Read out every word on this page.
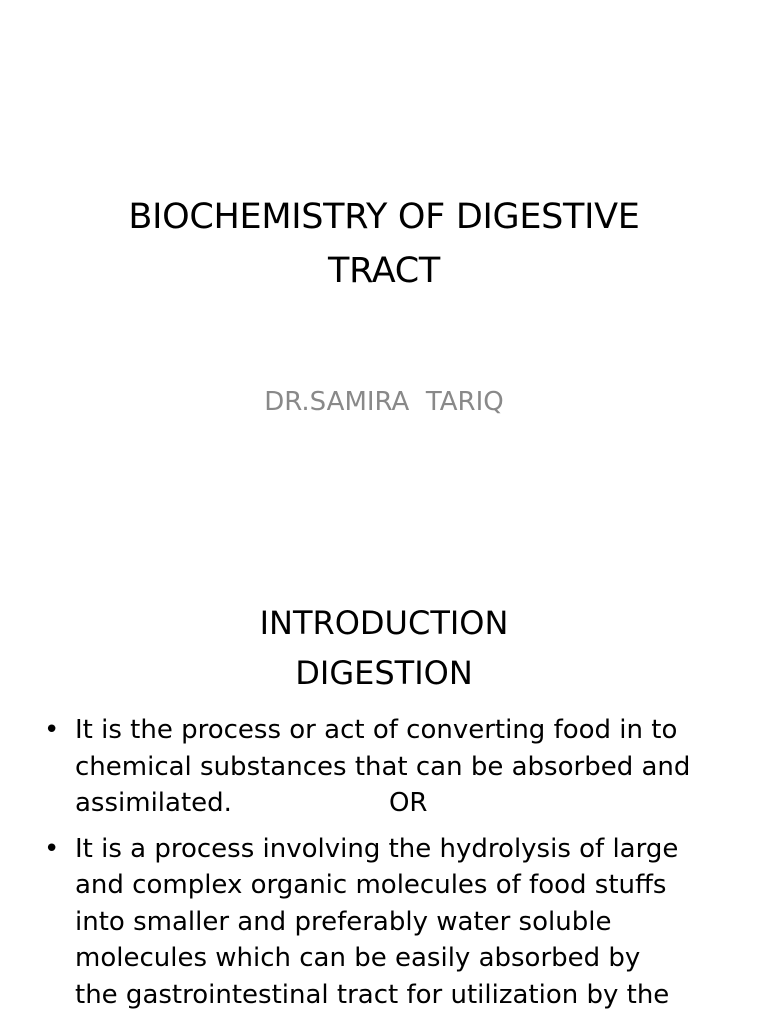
BIOCHEMISTRY OF DIGESTIVE
TRACT
DR.SAMIRA  TARIQ
INTRODUCTION
DIGESTION
• It is the process or act of converting food in to
chemical substances that can be absorbed and
assimilated.                   OR
• It is a process involving the hydrolysis of large
and complex organic molecules of food stuffs
into smaller and preferably water soluble
molecules which can be easily absorbed by
the gastrointestinal tract for utilization by the
